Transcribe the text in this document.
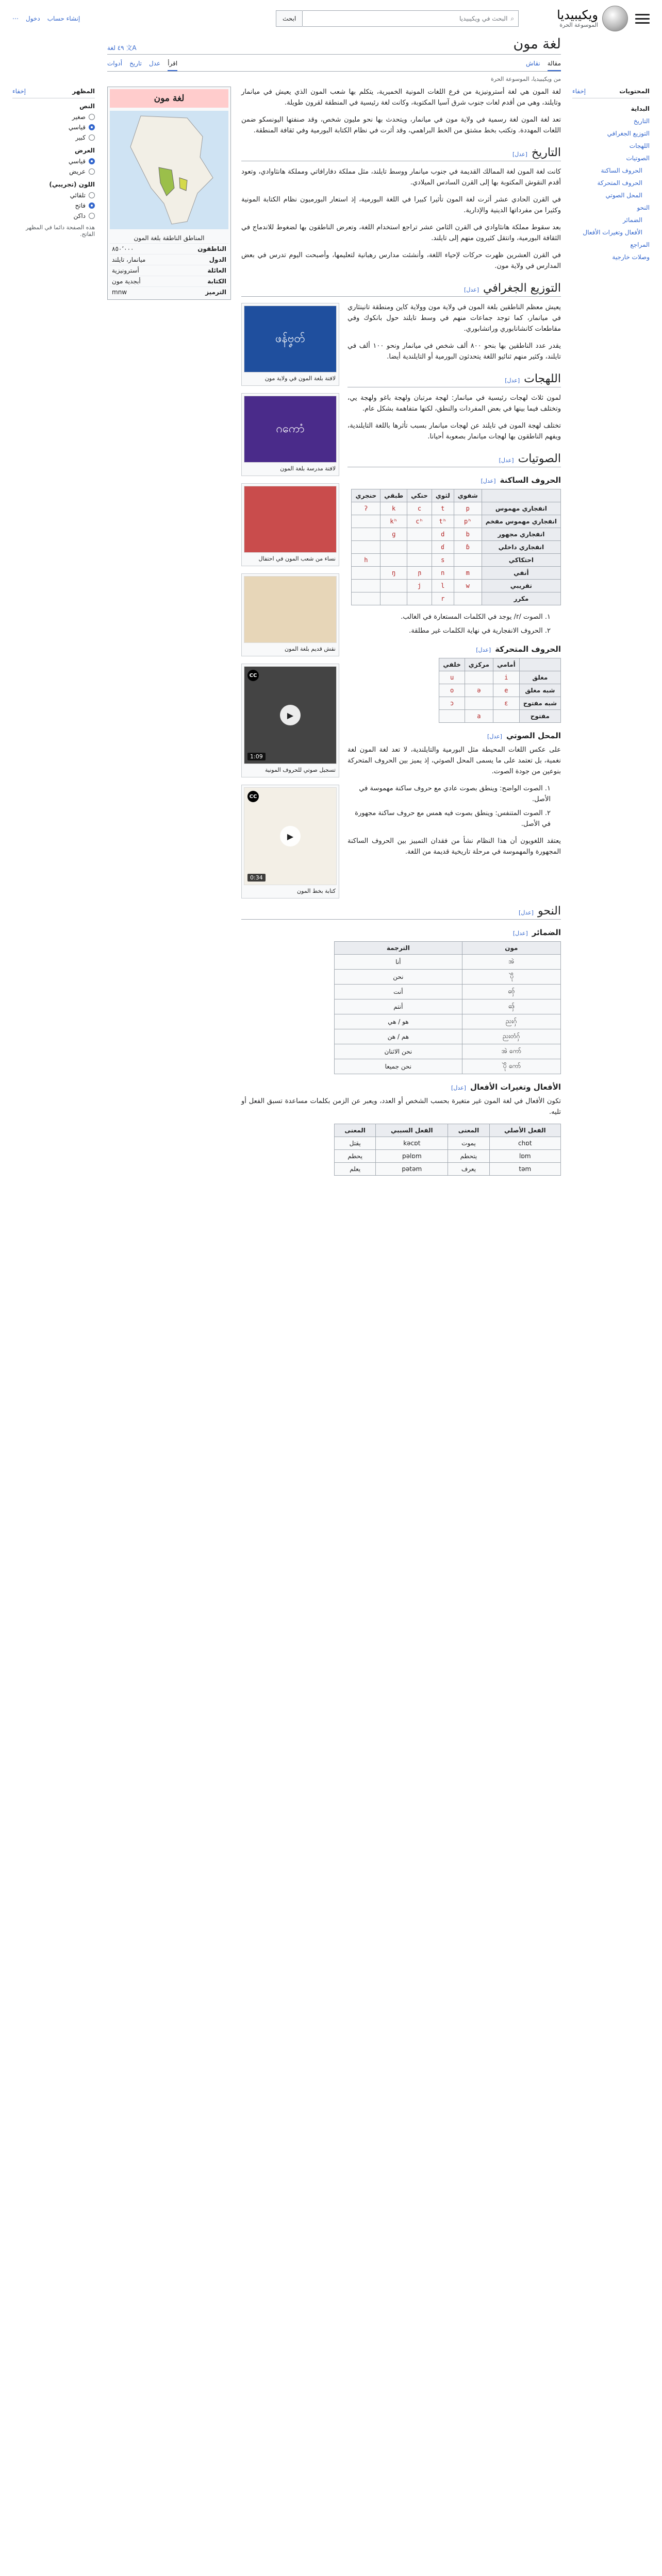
ويكيبيديا
الموسوعة الحرة
⌕
البحث في ويكيبيديا
ابحث
إنشاء حساب
دخول
⋯
المحتويات
إخفاء
البداية
التاريخ
التوزيع الجغرافي
اللهجات
الصوتيات
الحروف الساكنة
الحروف المتحركة
المحل الصوتي
النحو
الضمائر
الأفعال وتغيرات الأفعال
المراجع
وصلات خارجية
المظهر
إخفاء
النص
صغير
قياسي
كبير
العرض
قياسي
عريض
اللون (تجريبي)
تلقائي
فاتح
داكن
هذه الصفحة دائما في المظهر الفاتح.
لغة مون
文A ٤٩ لغة
مقالة
نقاش
اقرأ
عدل
تاريخ
أدوات
من ويكيبيديا، الموسوعة الحرة

لغة المون هي لغة أسترونيزية من فرع اللغات المونية الخميرية، يتكلم بها شعب المون الذي يعيش في ميانمار وتايلند، وهي من أقدم لغات جنوب شرق آسيا المكتوبة، وكانت لغة رئيسية في المنطقة لقرون طويلة.

تعد لغة المون لغة رسمية في ولاية مون في ميانمار، ويتحدث بها نحو مليون شخص، وقد صنفتها اليونسكو ضمن اللغات المهددة. وتكتب بخط مشتق من الخط البراهمي، وقد أثرت في نظام الكتابة البورمية وفي ثقافة المنطقة.

التاريخ
[عدل]

كانت لغة المون لغة الممالك القديمة في جنوب ميانمار ووسط تايلند، مثل مملكة دفارافاتي ومملكة هانثاوادي، وتعود أقدم النقوش المكتوبة بها إلى القرن السادس الميلادي.

في القرن الحادي عشر أثرت لغة المون تأثيرا كبيرا في اللغة البورمية، إذ استعار البورميون نظام الكتابة المونية وكثيرا من مفرداتها الدينية والإدارية.

بعد سقوط مملكة هانثاوادي في القرن الثامن عشر تراجع استخدام اللغة، وتعرض الناطقون بها لضغوط للاندماج في الثقافة البورمية، وانتقل كثيرون منهم إلى تايلند.

في القرن العشرين ظهرت حركات لإحياء اللغة، وأنشئت مدارس رهبانية لتعليمها، وأصبحت اليوم تدرس في بعض المدارس في ولاية مون.

التوزيع الجغرافي
[عدل]
ဖန်ဗၞတ်
لافتة بلغة المون في ولاية مون
ဂကောံ
لافتة مدرسة بلغة المون

يعيش معظم الناطقين بلغة المون في ولاية مون وولاية كاين ومنطقة تانينثاري في ميانمار، كما توجد جماعات منهم في وسط تايلند حول بانكوك وفي مقاطعات كانشانابوري وراتشابوري.

يقدر عدد الناطقين بها بنحو ٨٠٠ ألف شخص في ميانمار ونحو ١٠٠ ألف في تايلند، وكثير منهم ثنائيو اللغة يتحدثون البورمية أو التايلندية أيضا.

اللهجات
[عدل]
نساء من شعب المون في احتفال

لمون ثلاث لهجات رئيسية في ميانمار: لهجة مرتبان ولهجة باغو ولهجة يي، وتختلف فيما بينها في بعض المفردات والنطق، لكنها متفاهمة بشكل عام.

تختلف لهجة المون في تايلند عن لهجات ميانمار بسبب تأثرها باللغة التايلندية، ويفهم الناطقون بها لهجات ميانمار بصعوبة أحيانا.

الصوتيات
[عدل]
نقش قديم بلغة المون
CC
▶
1:09
تسجيل صوتي للحروف المونية
الحروف الساكنة
[عدل]
	شفوي	لثوي	حنكي	طبقي	حنجري
انفجاري مهموس	p	t	c	k	ʔ
انفجاري مهموس مفخم	pʰ	tʰ	cʰ	kʰ	
انفجاري مجهور	b	d		ɡ	
انفجاري داخلي	ɓ	ɗ			
احتكاكي		s			h
أنفي	m	n	ɲ	ŋ	
تقريبي	w	l	j		
مكرر		r			
١. الصوت /r/ يوجد في الكلمات المستعارة في الغالب.
٢. الحروف الانفجارية في نهاية الكلمات غير مطلقة.
الحروف المتحركة
[عدل]
	أمامي	مركزي	خلفي
مغلق	i		u
شبه مغلق	e	ə	o
شبه مفتوح	ɛ		ɔ
مفتوح		a	
المحل الصوتي
[عدل]
CC
▶
0:34
كتابة بخط المون

على عكس اللغات المحيطة مثل البورمية والتايلندية، لا تعد لغة المون لغة نغمية، بل تعتمد على ما يسمى المحل الصوتي، إذ يميز بين الحروف المتحركة بنوعين من جودة الصوت.

١. الصوت الواضح: وينطق بصوت عادي مع حروف ساكنة مهموسة في الأصل.
٢. الصوت المتنفس: وينطق بصوت فيه همس مع حروف ساكنة مجهورة في الأصل.

يعتقد اللغويون أن هذا النظام نشأ من فقدان التمييز بين الحروف الساكنة المجهورة والمهموسة في مرحلة تاريخية قديمة من اللغة.

النحو
[عدل]
الضمائر
[عدل]
مون	الترجمة
အဲ	أنا
ပိုဲ	نحن
ဗှ်ေ	أنت
ဒှ်ေ	أنتم
ညးဂှ်	هو / هي
ညးတံဂှ်	هم / هن
အဲ ကော်	نحن الاثنان
ပိုဲ ကော်	نحن جميعا
الأفعال وتغيرات الأفعال
[عدل]

تكون الأفعال في لغة المون غير متغيرة بحسب الشخص أو العدد، ويعبر عن الزمن بكلمات مساعدة تسبق الفعل أو تليه.

الفعل الأصلي	المعنى	الفعل السببي	المعنى
chɒt	يموت	kəcɒt	يقتل
lɒm	يتحطم	pəlɒm	يحطم
təm	يعرف	pətəm	يعلم
لغة مون
المناطق الناطقة بلغة المون
الناطقون
٨٥٠٬٠٠٠
الدول
ميانمار، تايلند
العائلة
أسترونيزية
الكتابة
أبجدية مون
الترميز
mnw
